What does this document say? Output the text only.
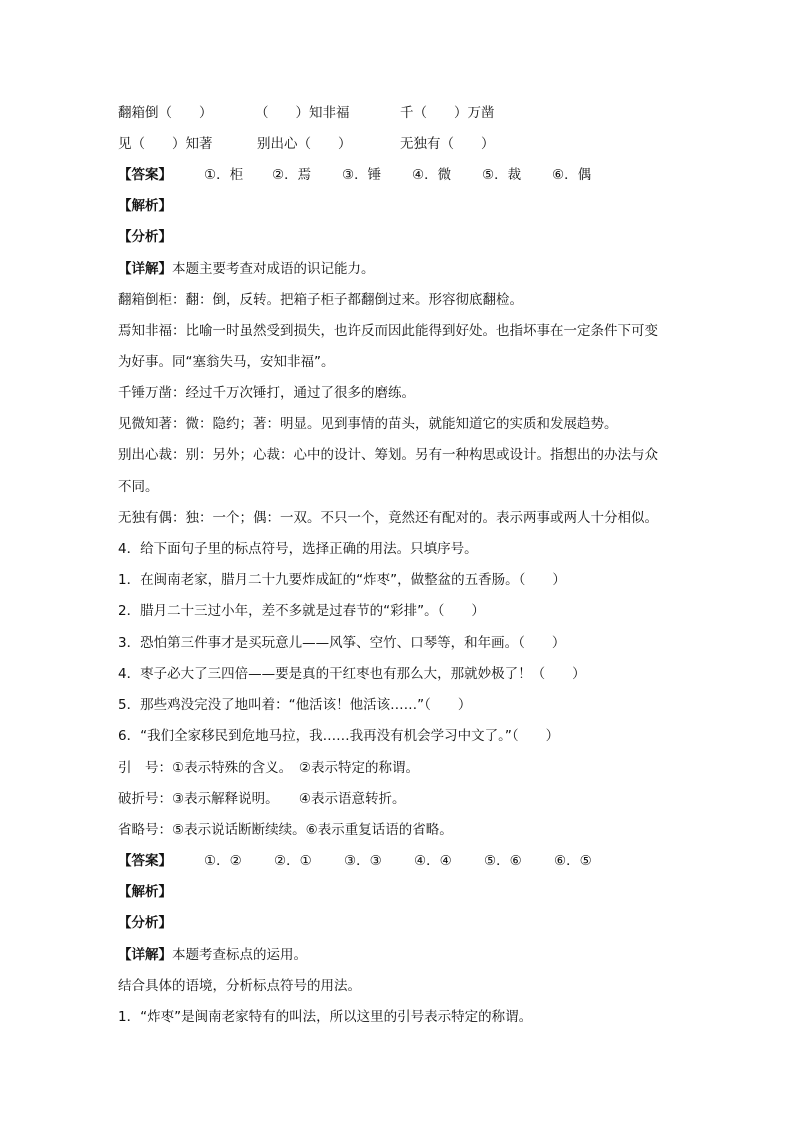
翻箱倒（　　）	（　　）知非福	千（　　）万凿
见（　　）知著	别出心（　　）	无独有（　　）
【答案】 ①．柜 ②．焉 ③．锤 ④．微 ⑤．裁 ⑥．偶
【解析】
【分析】
【详解】本题主要考查对成语的识记能力。
翻箱倒柜：翻：倒，反转。把箱子柜子都翻倒过来。形容彻底翻检。
焉知非福：比喻一时虽然受到损失，也许反而因此能得到好处。也指坏事在一定条件下可变
为好事。同“塞翁失马，安知非福”。
千锤万凿：经过千万次锤打，通过了很多的磨练。
见微知著：微：隐约；著：明显。见到事情的苗头，就能知道它的实质和发展趋势。
别出心裁：别：另外；心裁：心中的设计、筹划。另有一种构思或设计。指想出的办法与众
不同。
无独有偶：独：一个；偶：一双。不只一个，竟然还有配对的。表示两事或两人十分相似。
4．给下面句子里的标点符号，选择正确的用法。只填序号。
1．在闽南老家，腊月二十九要炸成缸的“炸枣”，做整盆的五香肠。（　　）
2．腊月二十三过小年，差不多就是过春节的“彩排”。（　　）
3．恐怕第三件事才是买玩意儿——风筝、空竹、口琴等，和年画。（　　）
4．枣子必大了三四倍——要是真的干红枣也有那么大，那就妙极了！（　　）
5．那些鸡没完没了地叫着：“他活该！他活该……”（　　）
6．“我们全家移民到危地马拉，我……我再没有机会学习中文了。”（　　）
引　号：①表示特殊的含义。　②表示特定的称谓。
破折号：③表示解释说明。　　④表示语意转折。
省略号：⑤表示说话断断续续。⑥表示重复话语的省略。
【答案】 ①．② ②．① ③．③ ④．④ ⑤．⑥ ⑥．⑤
【解析】
【分析】
【详解】本题考查标点的运用。
结合具体的语境，分析标点符号的用法。
1．“炸枣”是闽南老家特有的叫法，所以这里的引号表示特定的称谓。
